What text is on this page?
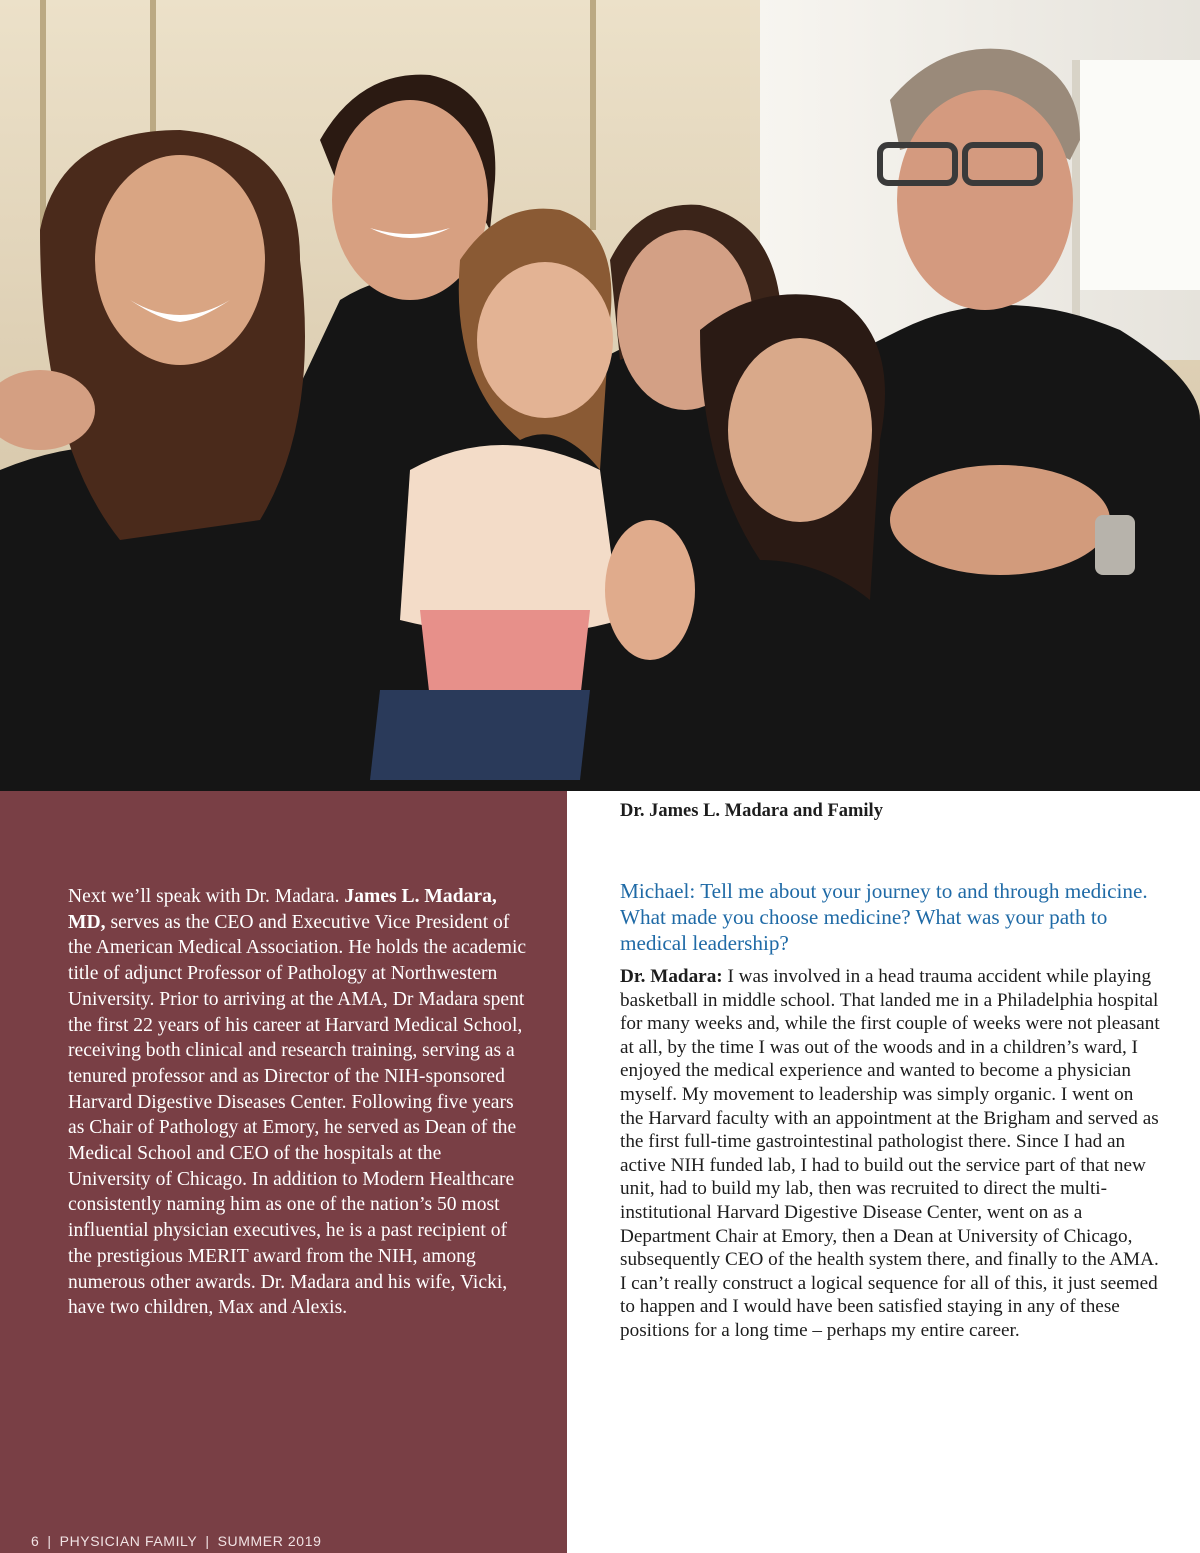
Next we’ll speak with Dr. Madara. James L. Madara, MD, serves as the CEO and Executive Vice President of the American Medical Association. He holds the academic title of adjunct Professor of Pathology at Northwestern University. Prior to arriving at the AMA, Dr Madara spent the first 22 years of his career at Harvard Medical School, receiving both clinical and research training, serving as a tenured professor and as Director of the NIH-sponsored Harvard Digestive Diseases Center. Following five years as Chair of Pathology at Emory, he served as Dean of the Medical School and CEO of the hospitals at the University of Chicago. In addition to Modern Healthcare consistently naming him as one of the nation’s 50 most influential physician executives, he is a past recipient of the prestigious MERIT award from the NIH, among numerous other awards. Dr. Madara and his wife, Vicki, have two children, Max and Alexis.

6 | PHYSICIAN FAMILY | SUMMER 2019

Dr. James L. Madara and Family

Michael: Tell me about your journey to and through medicine. What made you choose medicine? What was your path to medical leadership?

Dr. Madara: I was involved in a head trauma accident while playing basketball in middle school. That landed me in a Philadelphia hospital for many weeks and, while the first couple of weeks were not pleasant at all, by the time I was out of the woods and in a children’s ward, I enjoyed the medical experience and wanted to become a physician myself. My movement to leadership was simply organic. I went on the Harvard faculty with an appointment at the Brigham and served as the first full-time gastrointestinal pathologist there. Since I had an active NIH funded lab, I had to build out the service part of that new unit, had to build my lab, then was recruited to direct the multi-institutional Harvard Digestive Disease Center, went on as a Department Chair at Emory, then a Dean at University of Chicago, subsequently CEO of the health system there, and finally to the AMA. I can’t really construct a logical sequence for all of this, it just seemed to happen and I would have been satisfied staying in any of these positions for a long time – perhaps my entire career.
